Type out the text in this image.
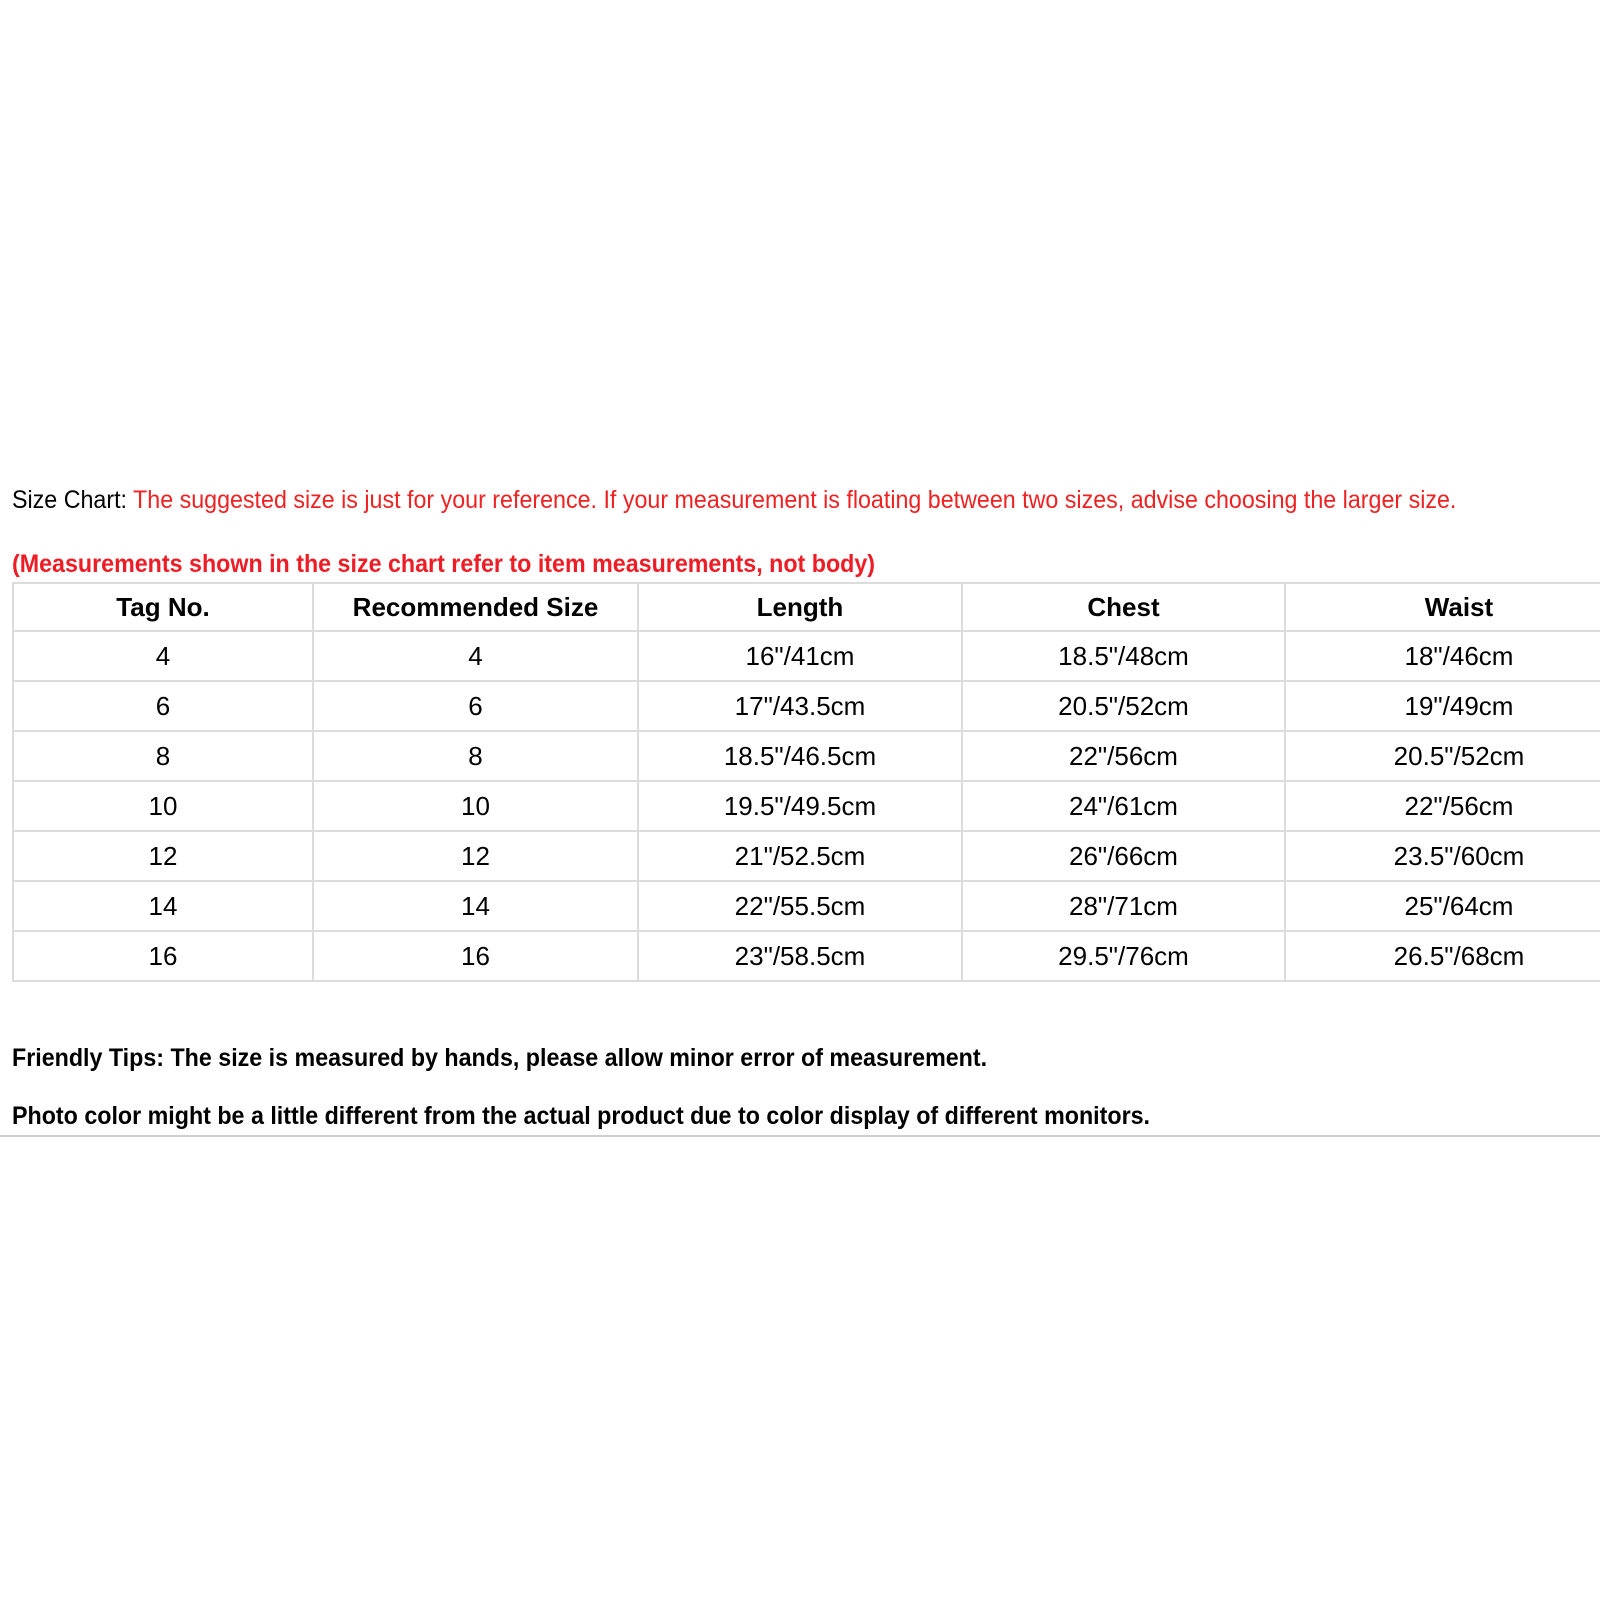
Size Chart: The suggested size is just for your reference. If your measurement is floating between two sizes, advise choosing the larger size.
(Measurements shown in the size chart refer to item measurements, not body)
Tag No.	Recommended Size	Length	Chest	Waist
4	4	16"/41cm	18.5"/48cm	18"/46cm
6	6	17"/43.5cm	20.5"/52cm	19"/49cm
8	8	18.5"/46.5cm	22"/56cm	20.5"/52cm
10	10	19.5"/49.5cm	24"/61cm	22"/56cm
12	12	21"/52.5cm	26"/66cm	23.5"/60cm
14	14	22"/55.5cm	28"/71cm	25"/64cm
16	16	23"/58.5cm	29.5"/76cm	26.5"/68cm
Friendly Tips: The size is measured by hands, please allow minor error of measurement.
Photo color might be a little different from the actual product due to color display of different monitors.
